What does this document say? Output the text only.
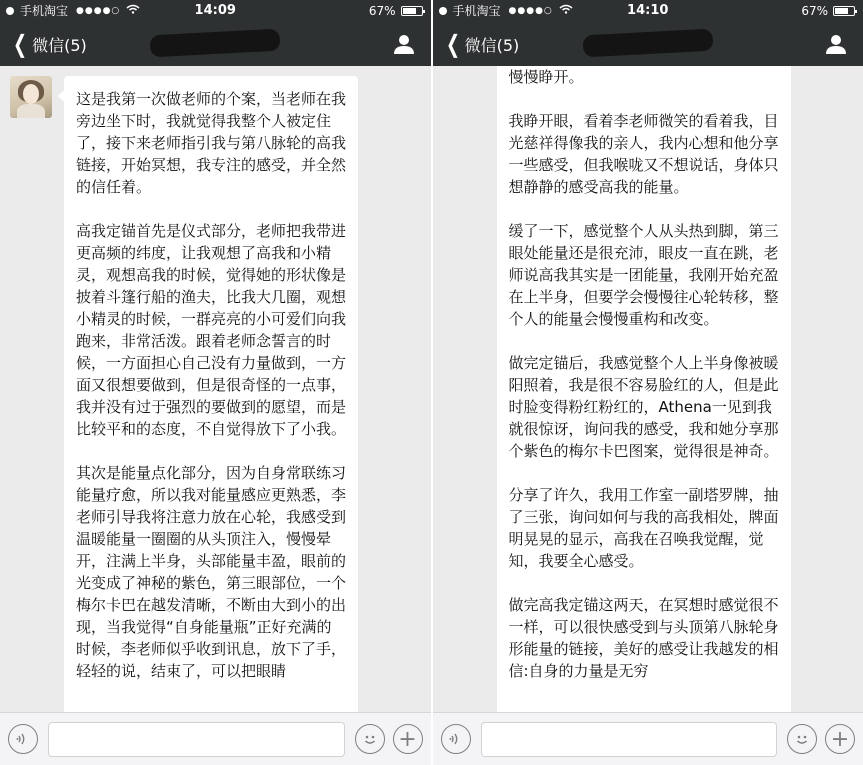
手机淘宝 ●●●●○	14:09	67%
❮ 微信(5)

这是我第一次做老师的个案，当老师在我旁边坐下时，我就觉得我整个人被定住了，接下来老师指引我与第八脉轮的高我链接，开始冥想，我专注的感受，并全然的信任着。

高我定锚首先是仪式部分，老师把我带进更高频的纬度，让我观想了高我和小精灵，观想高我的时候，觉得她的形状像是披着斗篷行船的渔夫，比我大几圈，观想小精灵的时候，一群亮亮的小可爱们向我跑来，非常活泼。跟着老师念誓言的时候，一方面担心自己没有力量做到，一方面又很想要做到，但是很奇怪的一点事，我并没有过于强烈的要做到的愿望，而是比较平和的态度，不自觉得放下了小我。

其次是能量点化部分，因为自身常联练习能量疗愈，所以我对能量感应更熟悉，李老师引导我将注意力放在心轮，我感受到温暖能量一圈圈的从头顶注入，慢慢晕开，注满上半身，头部能量丰盈，眼前的光变成了神秘的紫色，第三眼部位，一个梅尔卡巴在越发清晰，不断由大到小的出现，当我觉得“自身能量瓶”正好充满的时候，李老师似乎收到讯息，放下了手，轻轻的说，结束了，可以把眼睛

+
手机淘宝 ●●●●○	14:10	67%
❮ 微信(5)

慢慢睁开。

我睁开眼，看着李老师微笑的看着我，目光慈祥得像我的亲人，我内心想和他分享一些感受，但我喉咙又不想说话，身体只想静静的感受高我的能量。

缓了一下，感觉整个人从头热到脚，第三眼处能量还是很充沛，眼皮一直在跳，老师说高我其实是一团能量，我刚开始充盈在上半身，但要学会慢慢往心轮转移，整个人的能量会慢慢重构和改变。

做完定锚后，我感觉整个人上半身像被暖阳照着，我是很不容易脸红的人，但是此时脸变得粉红粉红的，Athena一见到我就很惊讶，询问我的感受，我和她分享那个紫色的梅尔卡巴图案，觉得很是神奇。

分享了许久，我用工作室一副塔罗牌，抽了三张，询问如何与我的高我相处，牌面明晃晃的显示，高我在召唤我觉醒，觉知，我要全心感受。

做完高我定锚这两天，在冥想时感觉很不一样，可以很快感受到与头顶第八脉轮身形能量的链接，美好的感受让我越发的相信:自身的力量是无穷

+
